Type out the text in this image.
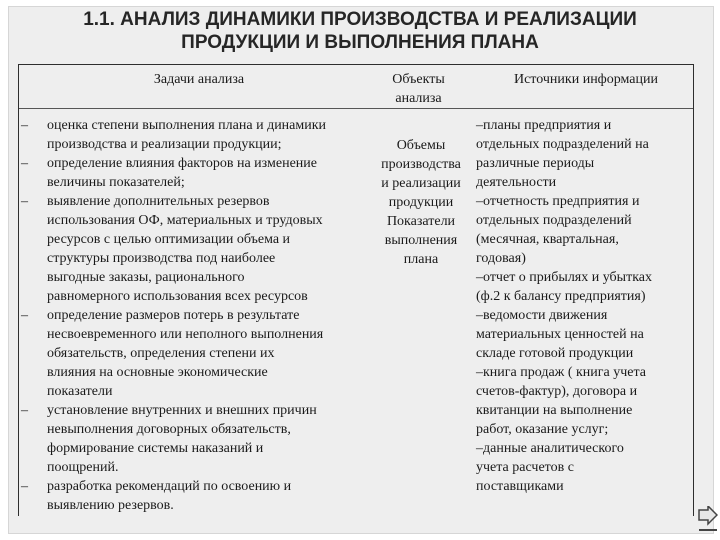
1.1. АНАЛИЗ ДИНАМИКИ ПРОИЗВОДСТВА И РЕАЛИЗАЦИИ
ПРОДУКЦИИ И ВЫПОЛНЕНИЯ ПЛАНА
Задачи анализа	Объекты анализа
Источники информации
– оценка степени выполнения плана и динамики
производства и реализации продукции;
– определение влияния факторов на изменение
величины показателей;
– выявление дополнительных резервов
использования ОФ, материальных и трудовых
ресурсов с целью оптимизации объема и
структуры производства под наиболее
выгодные заказы, рационального
равномерного использования всех ресурсов
– определение размеров потерь в результате
несвоевременного или неполного выполнения
обязательств, определения степени их
влияния на основные экономические
показатели
– установление внутренних и внешних причин
невыполнения договорных обязательств,
формирование системы наказаний и
поощрений.
– разработка рекомендаций по освоению и
выявлению резервов.
Объемы
производства
и реализации
продукции
Показатели
выполнения
плана
–планы предприятия и
отдельных подразделений на
различные периоды
деятельности
–отчетность предприятия и
отдельных подразделений
(месячная, квартальная,
годовая)
–отчет о прибылях и убытках
(ф.2 к балансу предприятия)
–ведомости движения
материальных ценностей на
складе готовой продукции
–книга продаж ( книга учета
счетов-фактур), договора и
квитанции на выполнение
работ, оказание услуг;
–данные аналитического
учета расчетов с
поставщиками
